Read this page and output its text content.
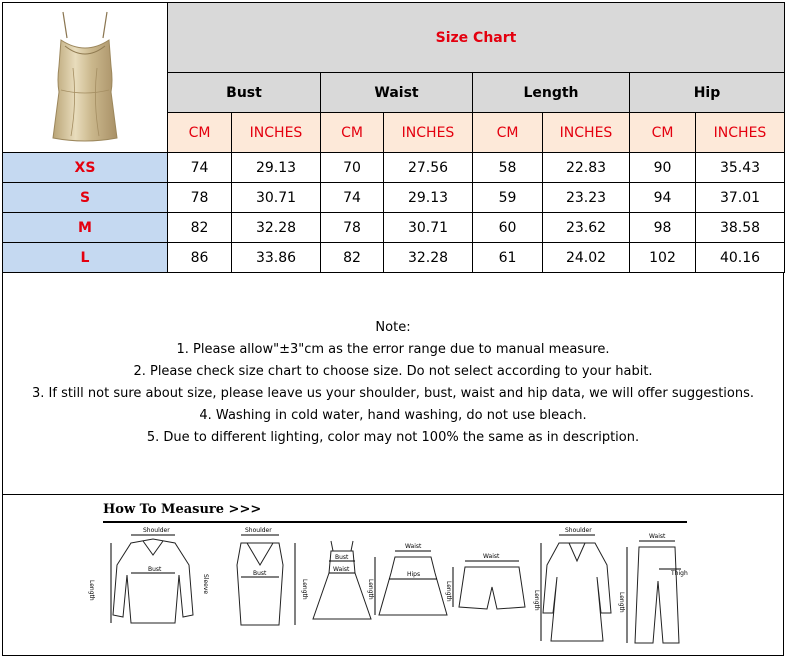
	Size Chart							
	Bust		Waist		Length		Hip	
	CM	INCHES	CM	INCHES	CM	INCHES	CM	INCHES
XS	74	29.13	70	27.56	58	22.83	90	35.43
S	78	30.71	74	29.13	59	23.23	94	37.01
M	82	32.28	78	30.71	60	23.62	98	38.58
L	86	33.86	82	32.28	61	24.02	102	40.16
Note:
1. Please allow"±3"cm as the error range due to manual measure.
2. Please check size chart to choose size. Do not select according to your habit.
3. If still not sure about size, please leave us your shoulder, bust, waist and hip data, we will offer suggestions.
4. Washing in cold water, hand washing, do not use bleach.
5. Due to different lighting, color may not 100% the same as in description.
How To Measure >>>
Shoulder
Bust
Length	Sleeve
Shoulder
Bust
Length
Bust
Waist
Waist
Hips
Length
Waist
Length
Shoulder
Length
Waist
Thigh
Length
